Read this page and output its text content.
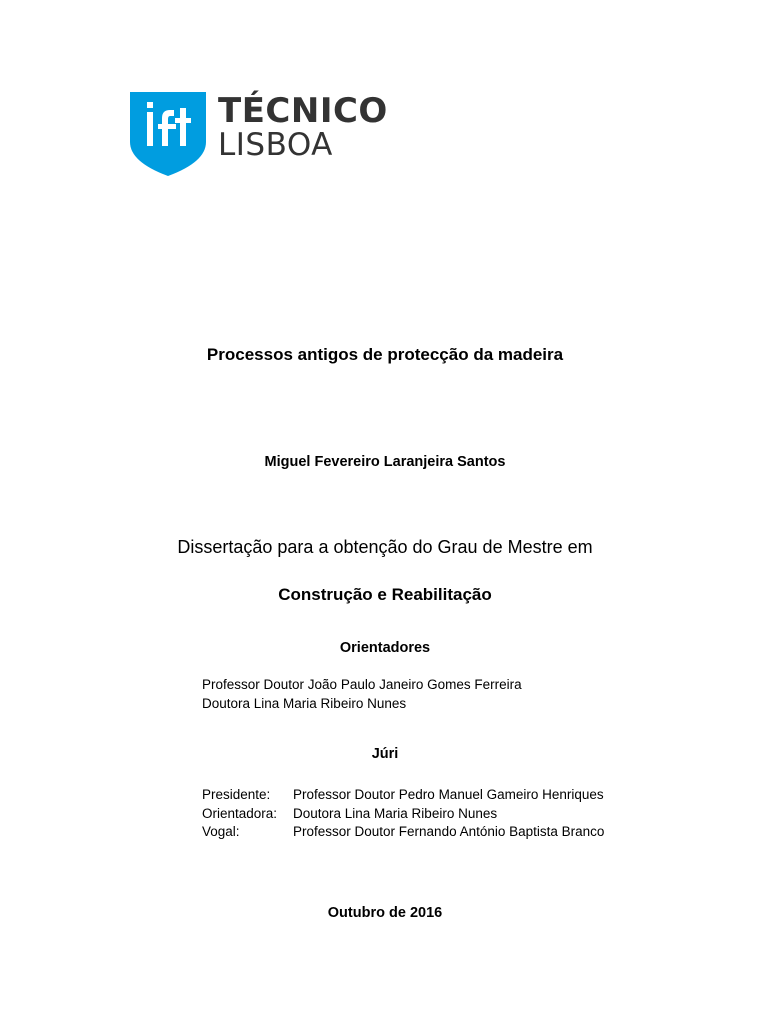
TÉCNICO
LISBOA
Processos antigos de protecção da madeira
Miguel Fevereiro Laranjeira Santos
Dissertação para a obtenção do Grau de Mestre em
Construção e Reabilitação
Orientadores
Professor Doutor João Paulo Janeiro Gomes Ferreira
Doutora Lina Maria Ribeiro Nunes
Júri
Presidente:	Professor Doutor Pedro Manuel Gameiro Henriques
Orientadora:	Doutora Lina Maria Ribeiro Nunes
Vogal:	Professor Doutor Fernando António Baptista Branco
Outubro de 2016
